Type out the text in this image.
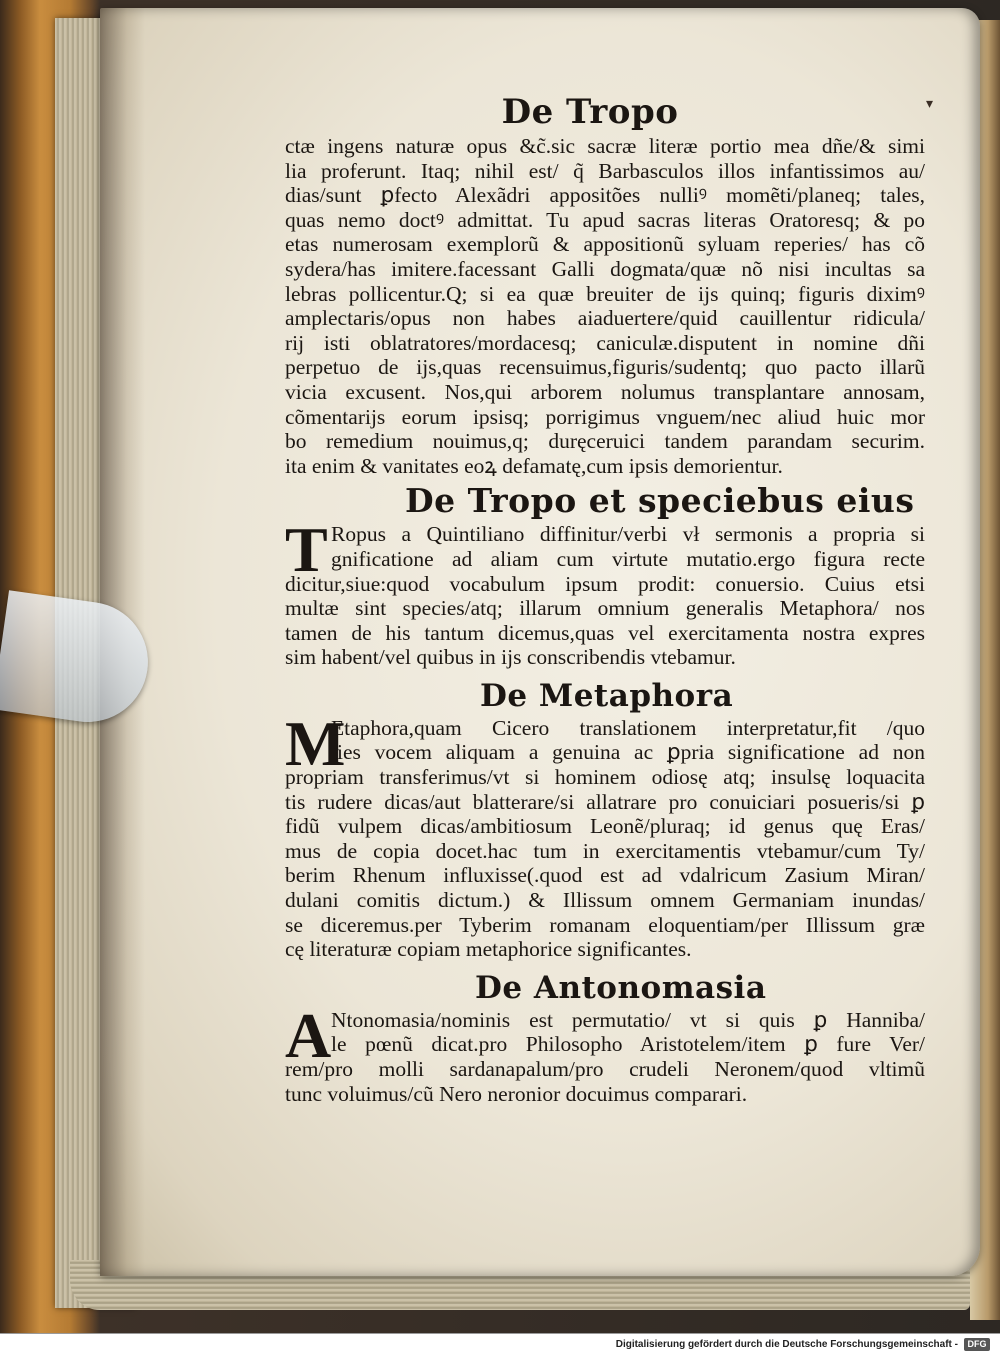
▾
De Tropo
ctæ ingens naturæ opus &c̃.sic sacræ literæ portio mea dñe/& simi
lia proferunt. Itaq; nihil est/ q̃ Barbasculos illos infantissimos au/
dias/sunt ꝑfecto Alexãdri appositões nulliꝰ momẽti/planeq; tales,
quas nemo doctꝰ admittat. Tu apud sacras literas Oratoresq; & po
etas numerosam exemplorũ & appositionũ syluam reperies/ has cõ
sydera/has imitere.facessant Galli dogmata/quæ nõ nisi incultas sa
lebras pollicentur.Q; si ea quæ breuiter de ijs quinq; figuris diximꝰ
amplectaris/opus non habes aiaduertere/quid cauillentur ridicula/
rij isti oblatratores/mordacesq; caniculæ.disputent in nomine dñi
perpetuo de ijs,quas recensuimus,figuris/sudentq; quo pacto illarũ
vicia excusent. Nos,qui arborem nolumus transplantare annosam,
cõmentarijs eorum ipsisq; porrigimus vnguem/nec aliud huic mor
bo remedium nouimus,q; duręceruici tandem parandam securim.
ita enim & vanitates eoꝝ defamatę,cum ipsis demorientur.
De Tropo et speciebus eius
T Ropus a Quintiliano diffinitur/verbi vł sermonis a propria si
gnificatione ad aliam cum virtute mutatio.ergo figura recte
dicitur,siue:quod vocabulum ipsum prodit: conuersio. Cuius etsi
multæ sint species/atq; illarum omnium generalis Metaphora/ nos
tamen de his tantum dicemus,quas vel exercitamenta nostra expres
sim habent/vel quibus in ijs conscribendis vtebamur.
De Metaphora
M
Etaphora,quam Cicero translationem interpretatur,fit /quo
ties vocem aliquam a genuina ac ꝑpria significatione ad non
propriam transferimus/vt si hominem odiosę atq; insulsę loquacita
tis rudere dicas/aut blatterare/si allatrare pro conuiciari posueris/si ꝑ
fidũ vulpem dicas/ambitiosum Leonẽ/pluraq; id genus quę Eras/
mus de copia docet.hac tum in exercitamentis vtebamur/cum Ty/
berim Rhenum influxisse(.quod est ad vdalricum Zasium Miran/
dulani comitis dictum.) & Illissum omnem Germaniam inundas/
se diceremus.per Tyberim romanam eloquentiam/per Illissum græ
cę literaturæ copiam metaphorice significantes.
De Antonomasia
A Ntonomasia/nominis est permutatio/ vt si quis ꝑ Hanniba/
le pœnũ dicat.pro Philosopho Aristotelem/item ꝑ fure Ver/
rem/pro molli sardanapalum/pro crudeli Neronem/quod vltimũ
tunc voluimus/cũ Nero neronior docuimus comparari.
Digitalisierung gefördert durch die Deutsche Forschungsgemeinschaft -	DFG
